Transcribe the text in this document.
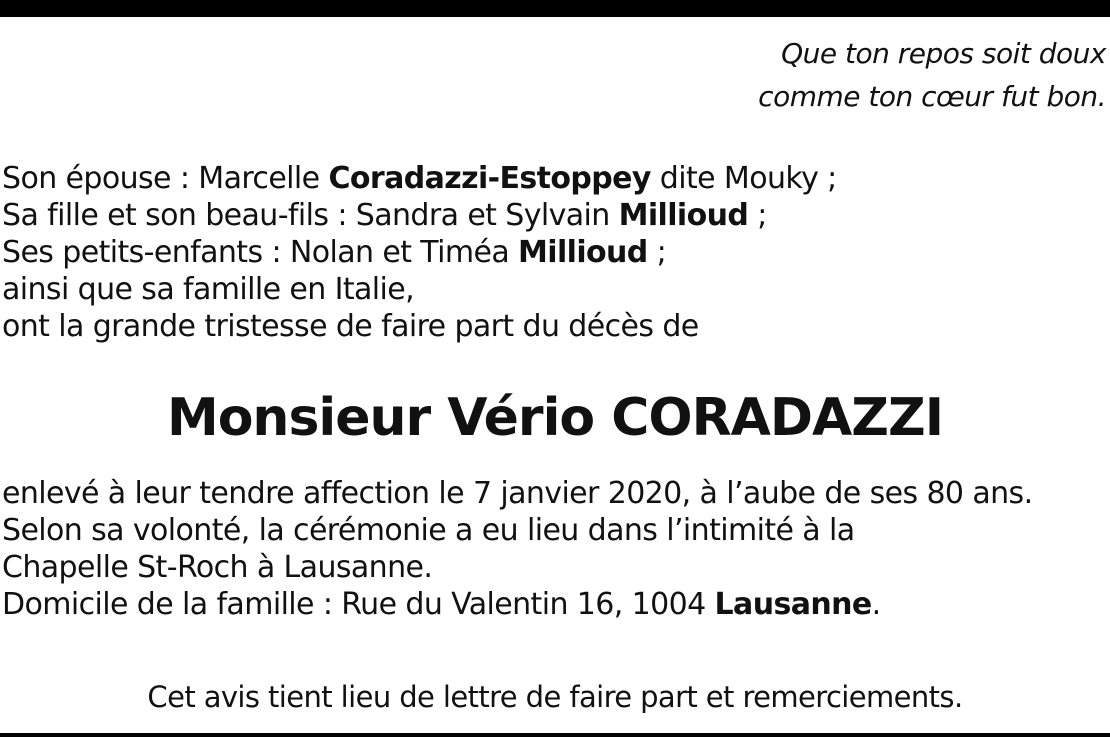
Que ton repos soit doux
comme ton cœur fut bon.
Son épouse : Marcelle Coradazzi-Estoppey dite Mouky ;
Sa fille et son beau-fils : Sandra et Sylvain Millioud ;
Ses petits-enfants : Nolan et Timéa Millioud ;
ainsi que sa famille en Italie,
ont la grande tristesse de faire part du décès de
Monsieur Vério CORADAZZI
enlevé à leur tendre affection le 7 janvier 2020, à l’aube de ses 80 ans.
Selon sa volonté, la cérémonie a eu lieu dans l’intimité à la
Chapelle St-Roch à Lausanne.
Domicile de la famille : Rue du Valentin 16, 1004 Lausanne.
Cet avis tient lieu de lettre de faire part et remerciements.
